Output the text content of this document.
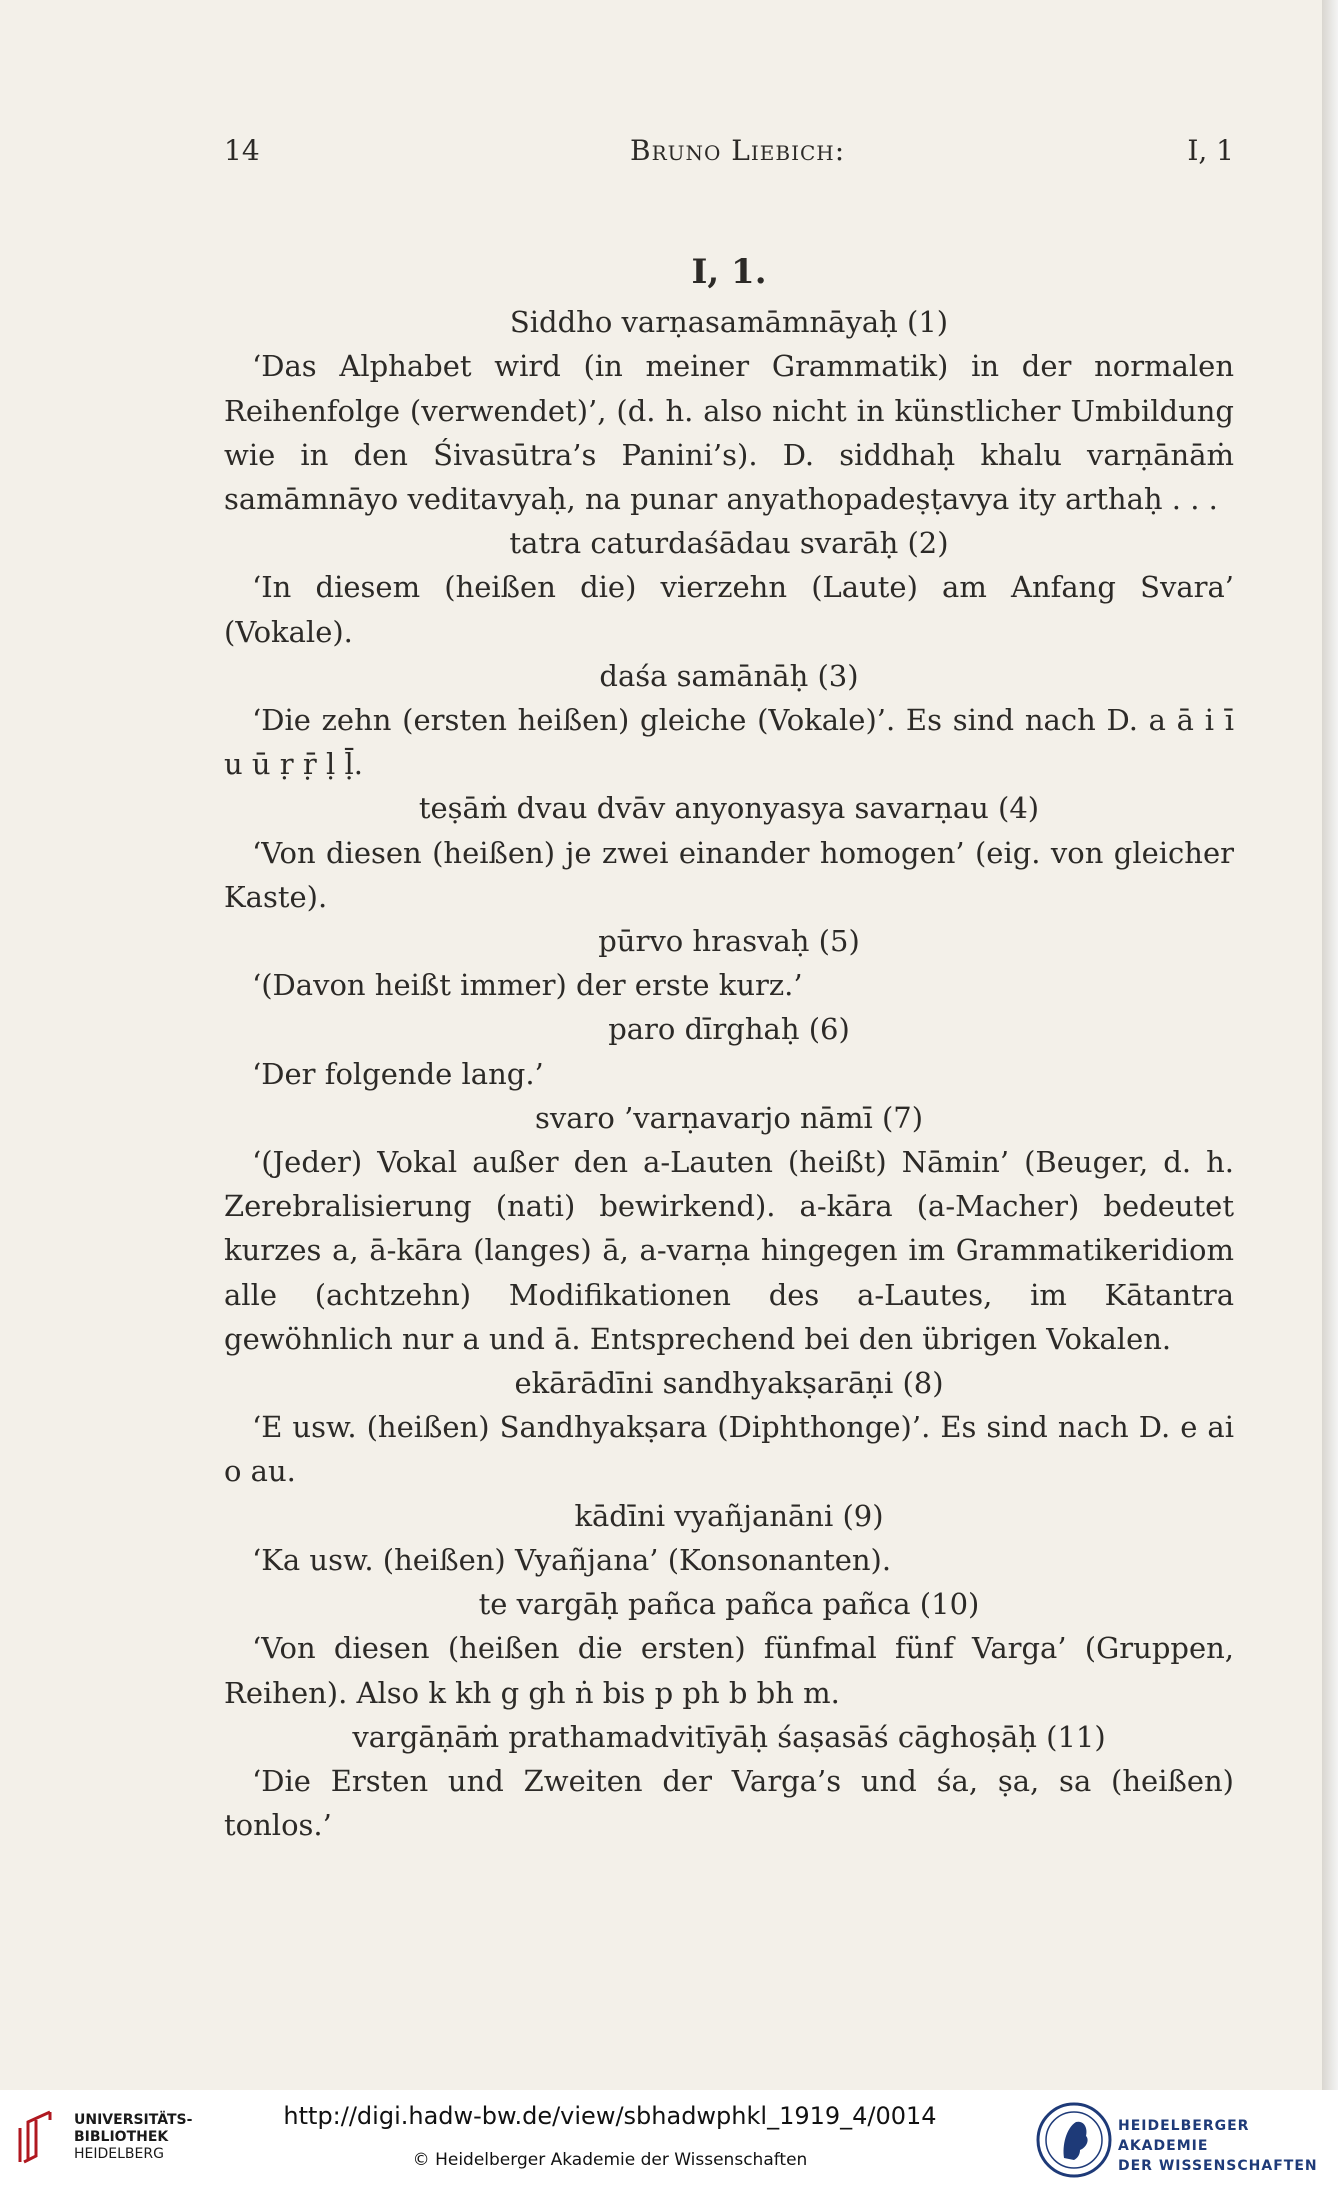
14	Bruno Liebich:	I, 1

I, 1.

Siddho varṇasamāmnāyaḥ (1)

‘Das Alphabet wird (in meiner Grammatik) in der normalen Reihenfolge (verwendet)’, (d. h. also nicht in künstlicher Umbildung wie in den Śivasūtra’s Panini’s). D. siddhaḥ khalu varṇānāṁ samāmnāyo veditavyaḥ, na punar anyathopadeṣṭavya ity arthaḥ . . .

tatra caturdaśādau svarāḥ (2)

‘In diesem (heißen die) vierzehn (Laute) am Anfang Svara’ (Vokale).

daśa samānāḥ (3)

‘Die zehn (ersten heißen) gleiche (Vokale)’. Es sind nach D. a ā i ī u ū ṛ ṝ ḷ ḹ.

teṣāṁ dvau dvāv anyonyasya savarṇau (4)

‘Von diesen (heißen) je zwei einander homogen’ (eig. von gleicher Kaste).

pūrvo hrasvaḥ (5)

‘(Davon heißt immer) der erste kurz.’

paro dīrghaḥ (6)

‘Der folgende lang.’

svaro ’varṇavarjo nāmī (7)

‘(Jeder) Vokal außer den a-Lauten (heißt) Nāmin’ (Beuger, d. h. Zerebralisierung (nati) bewirkend). a-kāra (a-Macher) bedeutet kurzes a, ā-kāra (langes) ā, a-varṇa hingegen im Grammatikeridiom alle (achtzehn) Modifikationen des a-Lautes, im Kātantra gewöhnlich nur a und ā. Entsprechend bei den übrigen Vokalen.

ekārādīni sandhyakṣarāṇi (8)

‘E usw. (heißen) Sandhyakṣara (Diphthonge)’. Es sind nach D. e ai o au.

kādīni vyañjanāni (9)

‘Ka usw. (heißen) Vyañjana’ (Konsonanten).

te vargāḥ pañca pañca pañca (10)

‘Von diesen (heißen die ersten) fünfmal fünf Varga’ (Gruppen, Reihen). Also k kh g gh ṅ bis p ph b bh m.

vargāṇāṁ prathamadvitīyāḥ śaṣasāś cāghoṣāḥ (11)

‘Die Ersten und Zweiten der Varga’s und śa, ṣa, sa (heißen) tonlos.’

UNIVERSITÄTS-
BIBLIOTHEK
HEIDELBERG
http://digi.hadw-bw.de/view/sbhadwphkl_1919_4/0014
© Heidelberger Akademie der Wissenschaften
HEIDELBERGER AKADEMIE
DER WISSENSCHAFTEN
